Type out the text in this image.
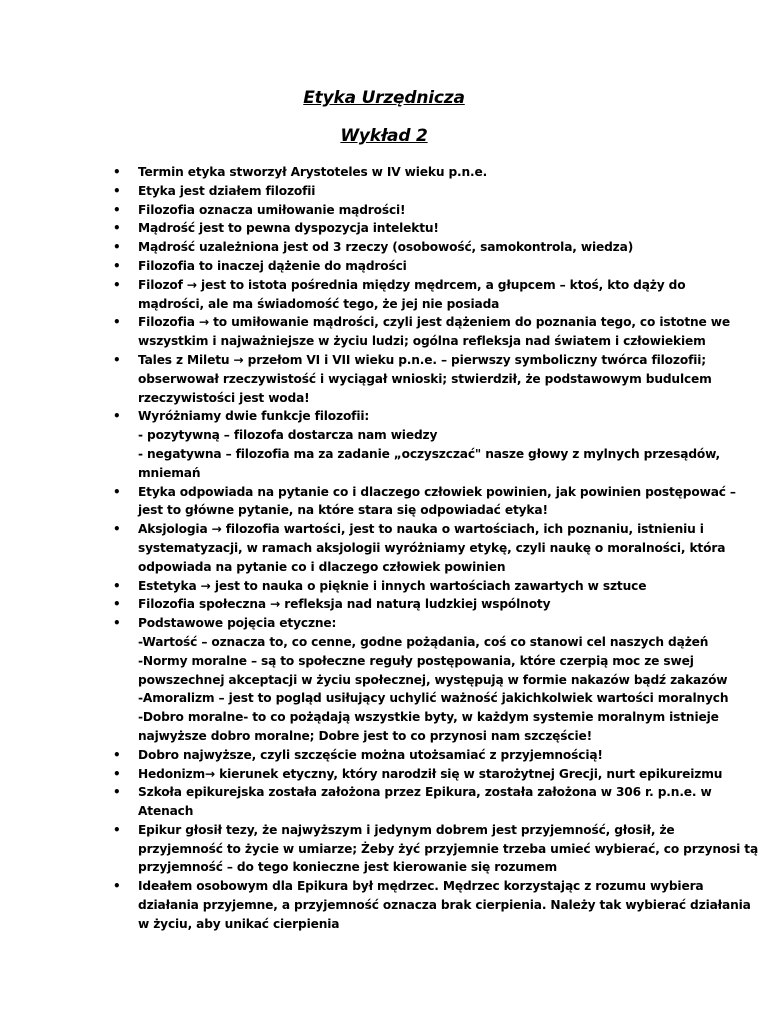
Etyka Urzędnicza
Wykład 2
• Termin etyka stworzył Arystoteles w IV wieku p.n.e.
• Etyka jest działem filozofii
• Filozofia oznacza umiłowanie mądrości!
• Mądrość jest to pewna dyspozycja intelektu!
• Mądrość uzależniona jest od 3 rzeczy (osobowość, samokontrola, wiedza)
• Filozofia to inaczej dążenie do mądrości
• Filozof → jest to istota pośrednia między mędrcem, a głupcem – ktoś, kto dąży do
mądrości, ale ma świadomość tego, że jej nie posiada
• Filozofia → to umiłowanie mądrości, czyli jest dążeniem do poznania tego, co istotne we
wszystkim i najważniejsze w życiu ludzi; ogólna refleksja nad światem i człowiekiem
• Tales z Miletu → przełom VI i VII wieku p.n.e. – pierwszy symboliczny twórca filozofii;
obserwował rzeczywistość i wyciągał wnioski; stwierdził, że podstawowym budulcem
rzeczywistości jest woda!
• Wyróżniamy dwie funkcje filozofii:
- pozytywną – filozofa dostarcza nam wiedzy
- negatywna – filozofia ma za zadanie „oczyszczać" nasze głowy z mylnych przesądów,
mniemań
• Etyka odpowiada na pytanie co i dlaczego człowiek powinien, jak powinien postępować –
jest to główne pytanie, na które stara się odpowiadać etyka!
• Aksjologia → filozofia wartości, jest to nauka o wartościach, ich poznaniu, istnieniu i
systematyzacji, w ramach aksjologii wyróżniamy etykę, czyli naukę o moralności, która
odpowiada na pytanie co i dlaczego człowiek powinien
• Estetyka → jest to nauka o pięknie i innych wartościach zawartych w sztuce
• Filozofia społeczna → refleksja nad naturą ludzkiej wspólnoty
• Podstawowe pojęcia etyczne:
-Wartość – oznacza to, co cenne, godne pożądania, coś co stanowi cel naszych dążeń
-Normy moralne – są to społeczne reguły postępowania, które czerpią moc ze swej
powszechnej akceptacji w życiu społecznej, występują w formie nakazów bądź zakazów
-Amoralizm – jest to pogląd usiłujący uchylić ważność jakichkolwiek wartości moralnych
-Dobro moralne- to co pożądają wszystkie byty, w każdym systemie moralnym istnieje
najwyższe dobro moralne; Dobre jest to co przynosi nam szczęście!
• Dobro najwyższe, czyli szczęście można utożsamiać z przyjemnością!
• Hedonizm→ kierunek etyczny, który narodził się w starożytnej Grecji, nurt epikureizmu
• Szkoła epikurejska została założona przez Epikura, została założona w 306 r. p.n.e. w
Atenach
• Epikur głosił tezy, że najwyższym i jedynym dobrem jest przyjemność, głosił, że
przyjemność to życie w umiarze; Żeby żyć przyjemnie trzeba umieć wybierać, co przynosi tą
przyjemność – do tego konieczne jest kierowanie się rozumem
• Ideałem osobowym dla Epikura był mędrzec. Mędrzec korzystając z rozumu wybiera
działania przyjemne, a przyjemność oznacza brak cierpienia. Należy tak wybierać działania
w życiu, aby unikać cierpienia
